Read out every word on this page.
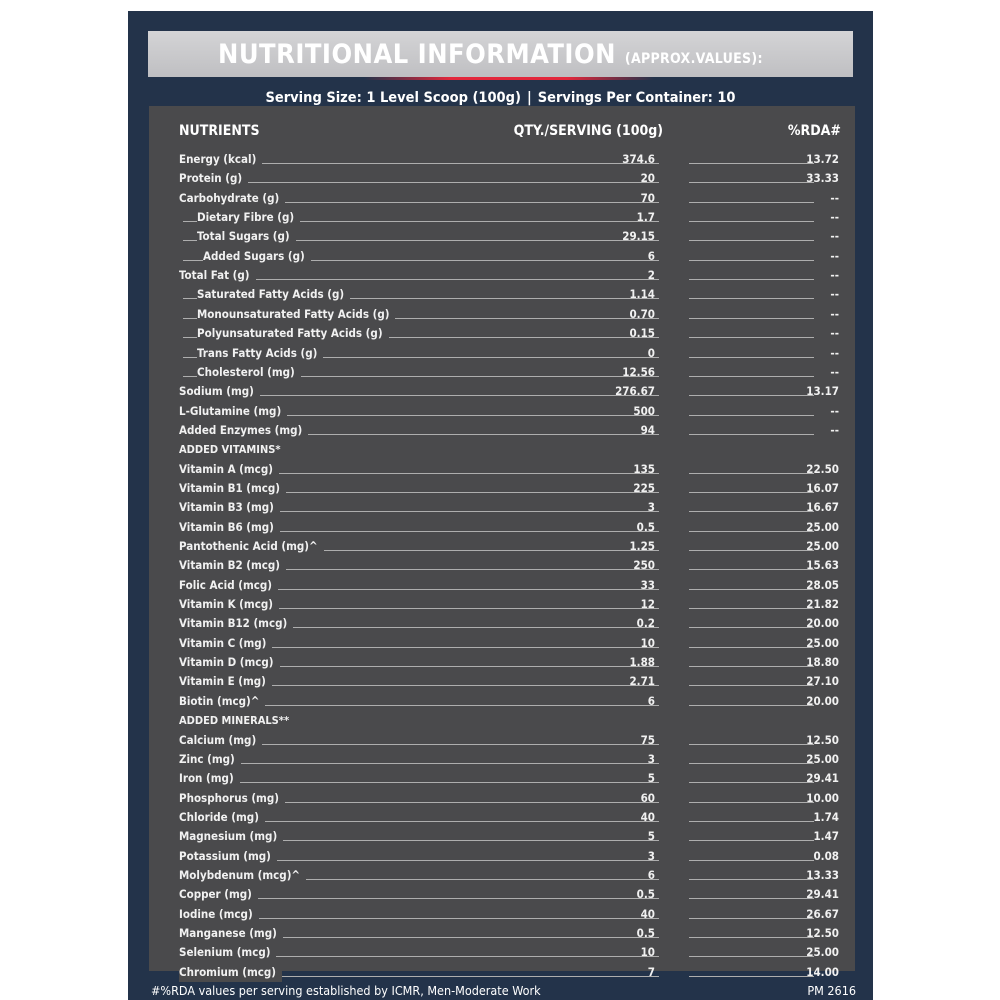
NUTRITIONAL INFORMATION (APPROX.VALUES):
Serving Size: 1 Level Scoop (100g) | Servings Per Container: 10
NUTRIENTS	QTY./SERVING (100g)	%RDA#
Energy (kcal)	374.6	13.72
Protein (g)	20	33.33
Carbohydrate (g)	70	--
Dietary Fibre (g)	1.7	--
Total Sugars (g)	29.15	--
Added Sugars (g)	6	--
Total Fat (g)	2	--
Saturated Fatty Acids (g)	1.14	--
Monounsaturated Fatty Acids (g)	0.70	--
Polyunsaturated Fatty Acids (g)	0.15	--
Trans Fatty Acids (g)	0	--
Cholesterol (mg)	12.56	--
Sodium (mg)	276.67	13.17
L-Glutamine (mg)	500	--
Added Enzymes (mg)	94	--
ADDED VITAMINS*
Vitamin A (mcg)	135	22.50
Vitamin B1 (mcg)	225	16.07
Vitamin B3 (mg)	3	16.67
Vitamin B6 (mg)	0.5	25.00
Pantothenic Acid (mg)^	1.25	25.00
Vitamin B2 (mcg)	250	15.63
Folic Acid (mcg)	33	28.05
Vitamin K (mcg)	12	21.82
Vitamin B12 (mcg)	0.2	20.00
Vitamin C (mg)	10	25.00
Vitamin D (mcg)	1.88	18.80
Vitamin E (mg)	2.71	27.10
Biotin (mcg)^	6	20.00
ADDED MINERALS**
Calcium (mg)	75	12.50
Zinc (mg)	3	25.00
Iron (mg)	5	29.41
Phosphorus (mg)	60	10.00
Chloride (mg)	40	1.74
Magnesium (mg)	5	1.47
Potassium (mg)	3	0.08
Molybdenum (mcg)^	6	13.33
Copper (mg)	0.5	29.41
Iodine (mcg)	40	26.67
Manganese (mg)	0.5	12.50
Selenium (mcg)	10	25.00
Chromium (mcg)	7	14.00
#%RDA values per serving established by ICMR, Men-Moderate Work	PM 2616
